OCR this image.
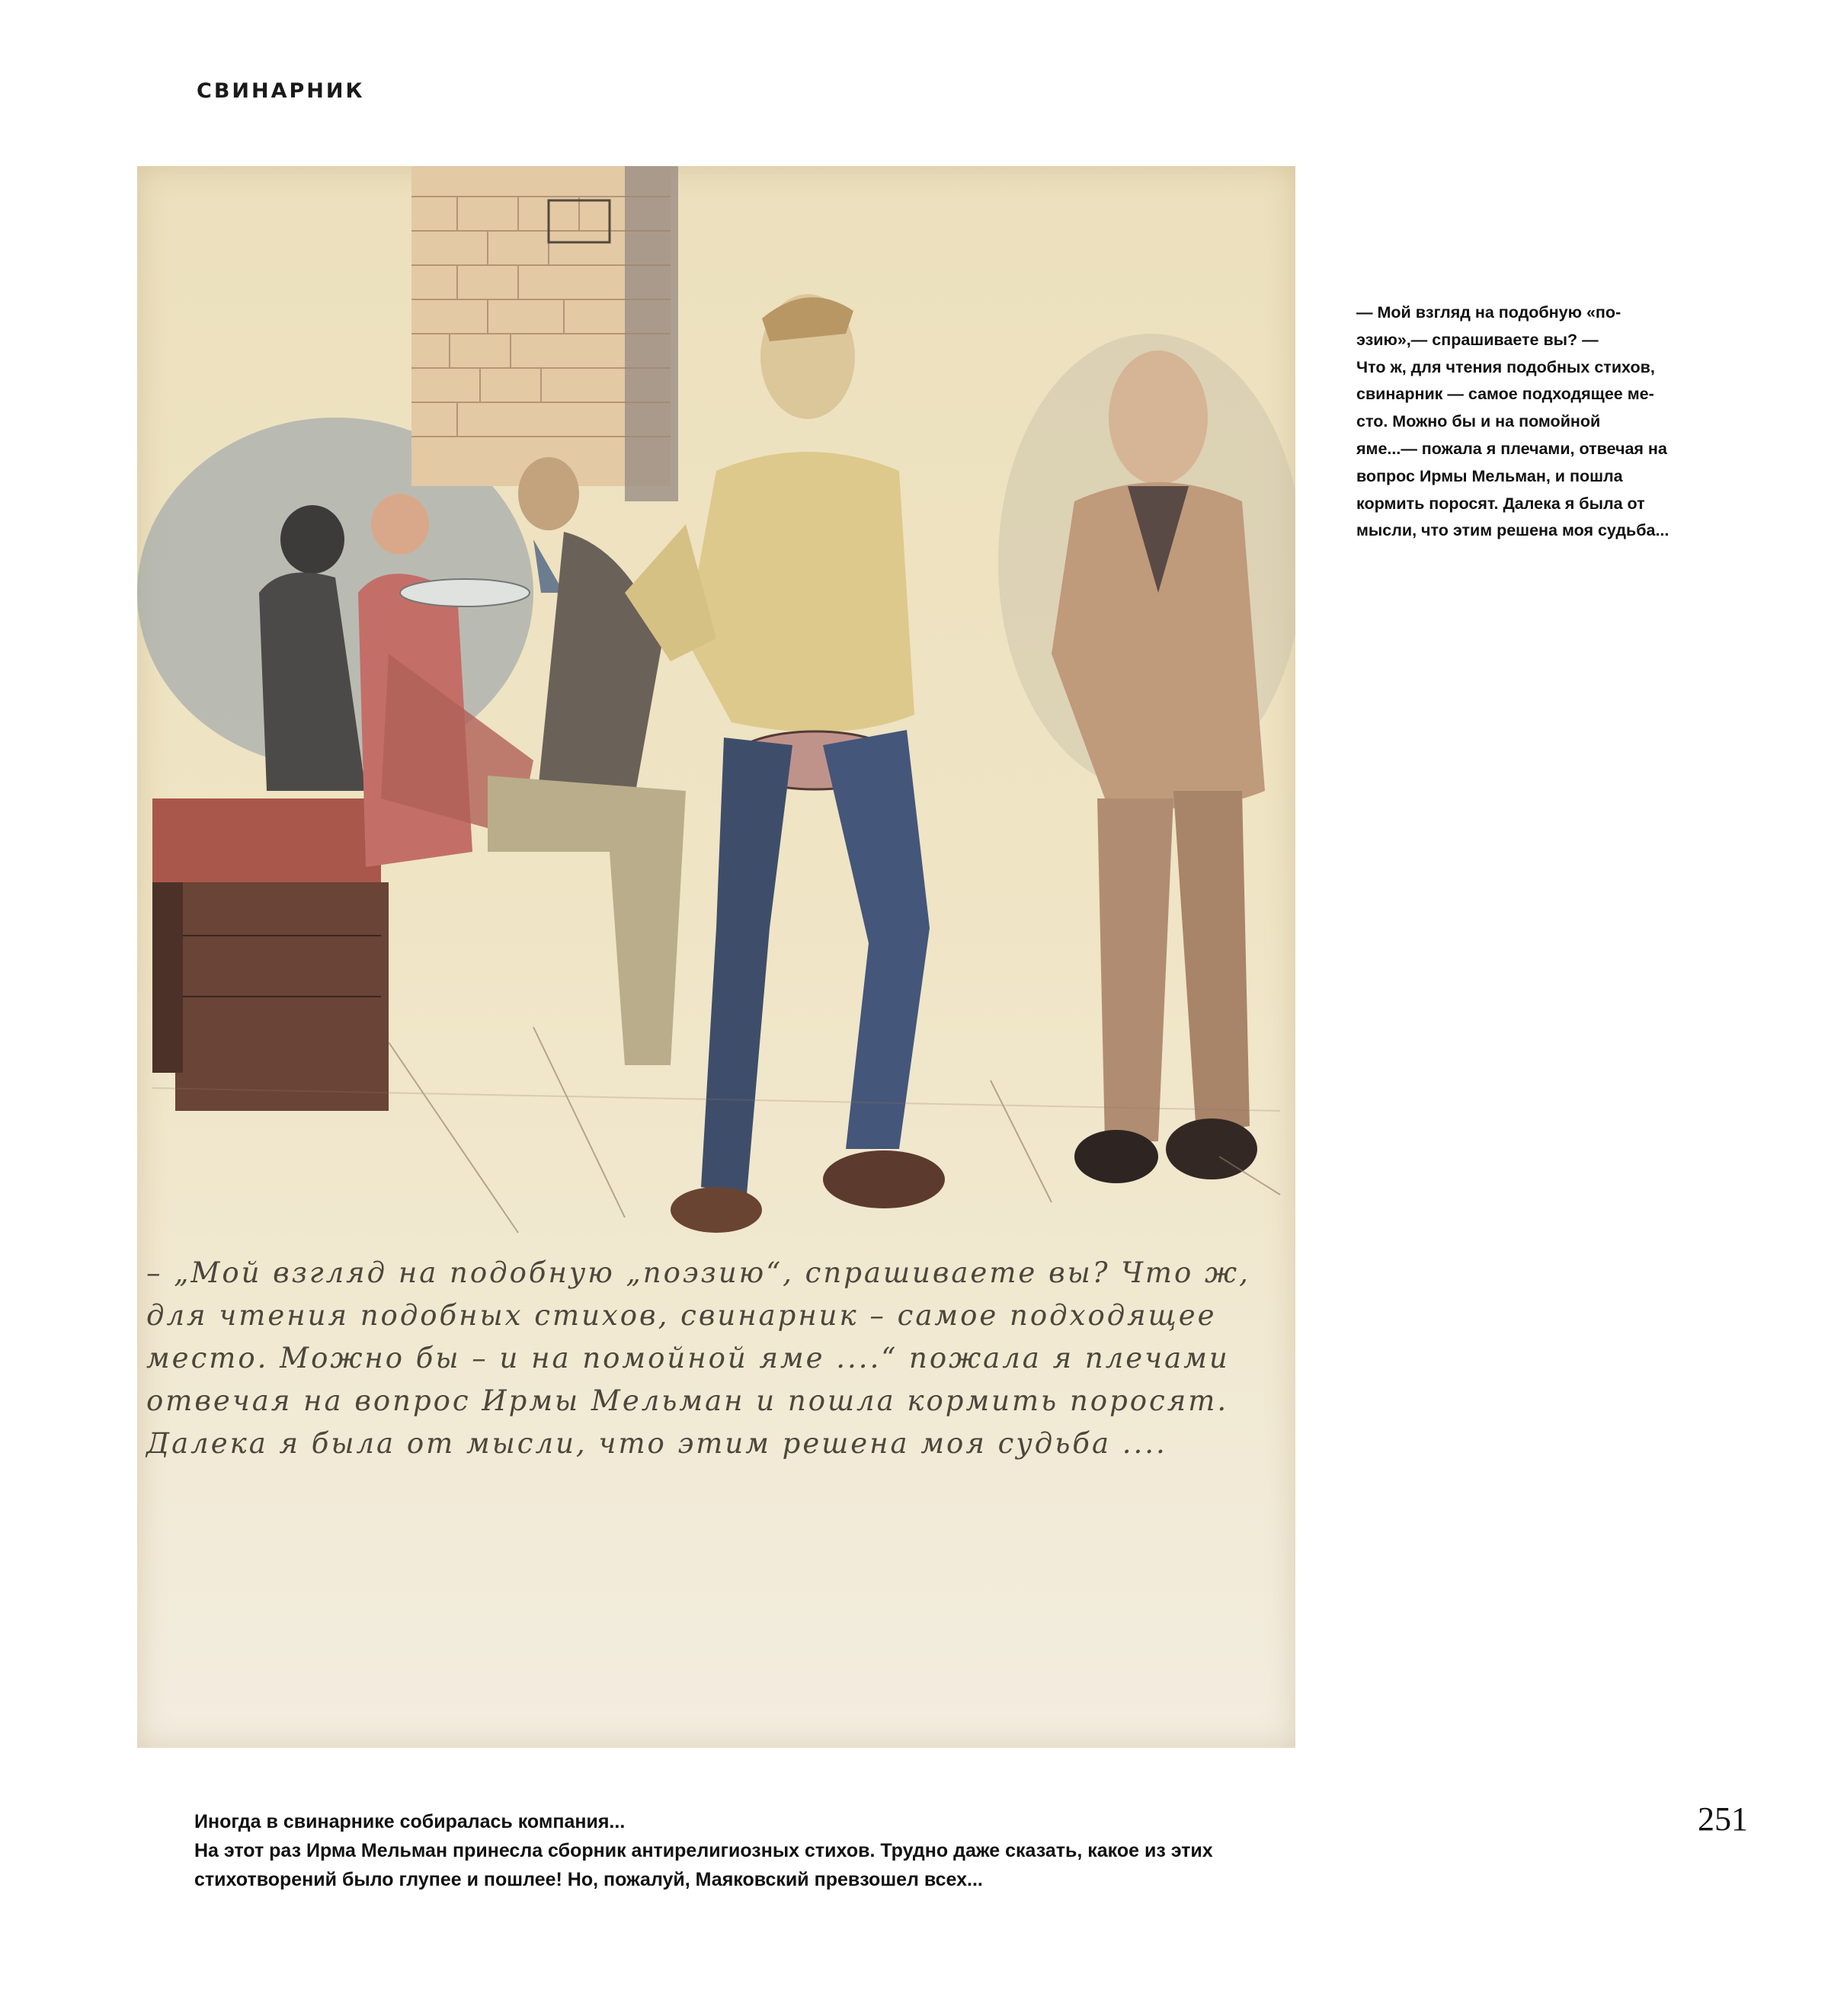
СВИНАРНИК
– „Мой взгляд на подобную „поэзию“, спрашиваете вы? Что ж,
для чтения подобных стихов, свинарник – самое подходящее
место. Можно бы – и на помойной яме ....“ пожала я плечами
отвечая на вопрос Ирмы Мельман и пошла кормить поросят.
Далека я была от мысли, что этим решена моя судьба ....
— Мой взгляд на подобную «по-
эзию»,— спрашиваете вы? —
Что ж, для чтения подобных стихов,
свинарник — самое подходящее ме-
сто. Можно бы и на помойной
яме...— пожала я плечами, отвечая на
вопрос Ирмы Мельман, и пошла
кормить поросят. Далека я была от
мысли, что этим решена моя судьба...
Иногда в свинарнике собиралась компания...
На этот раз Ирма Мельман принесла сборник антирелигиозных стихов. Трудно даже сказать, какое из этих
стихотворений было глупее и пошлее! Но, пожалуй, Маяковский превзошел всех...
251
